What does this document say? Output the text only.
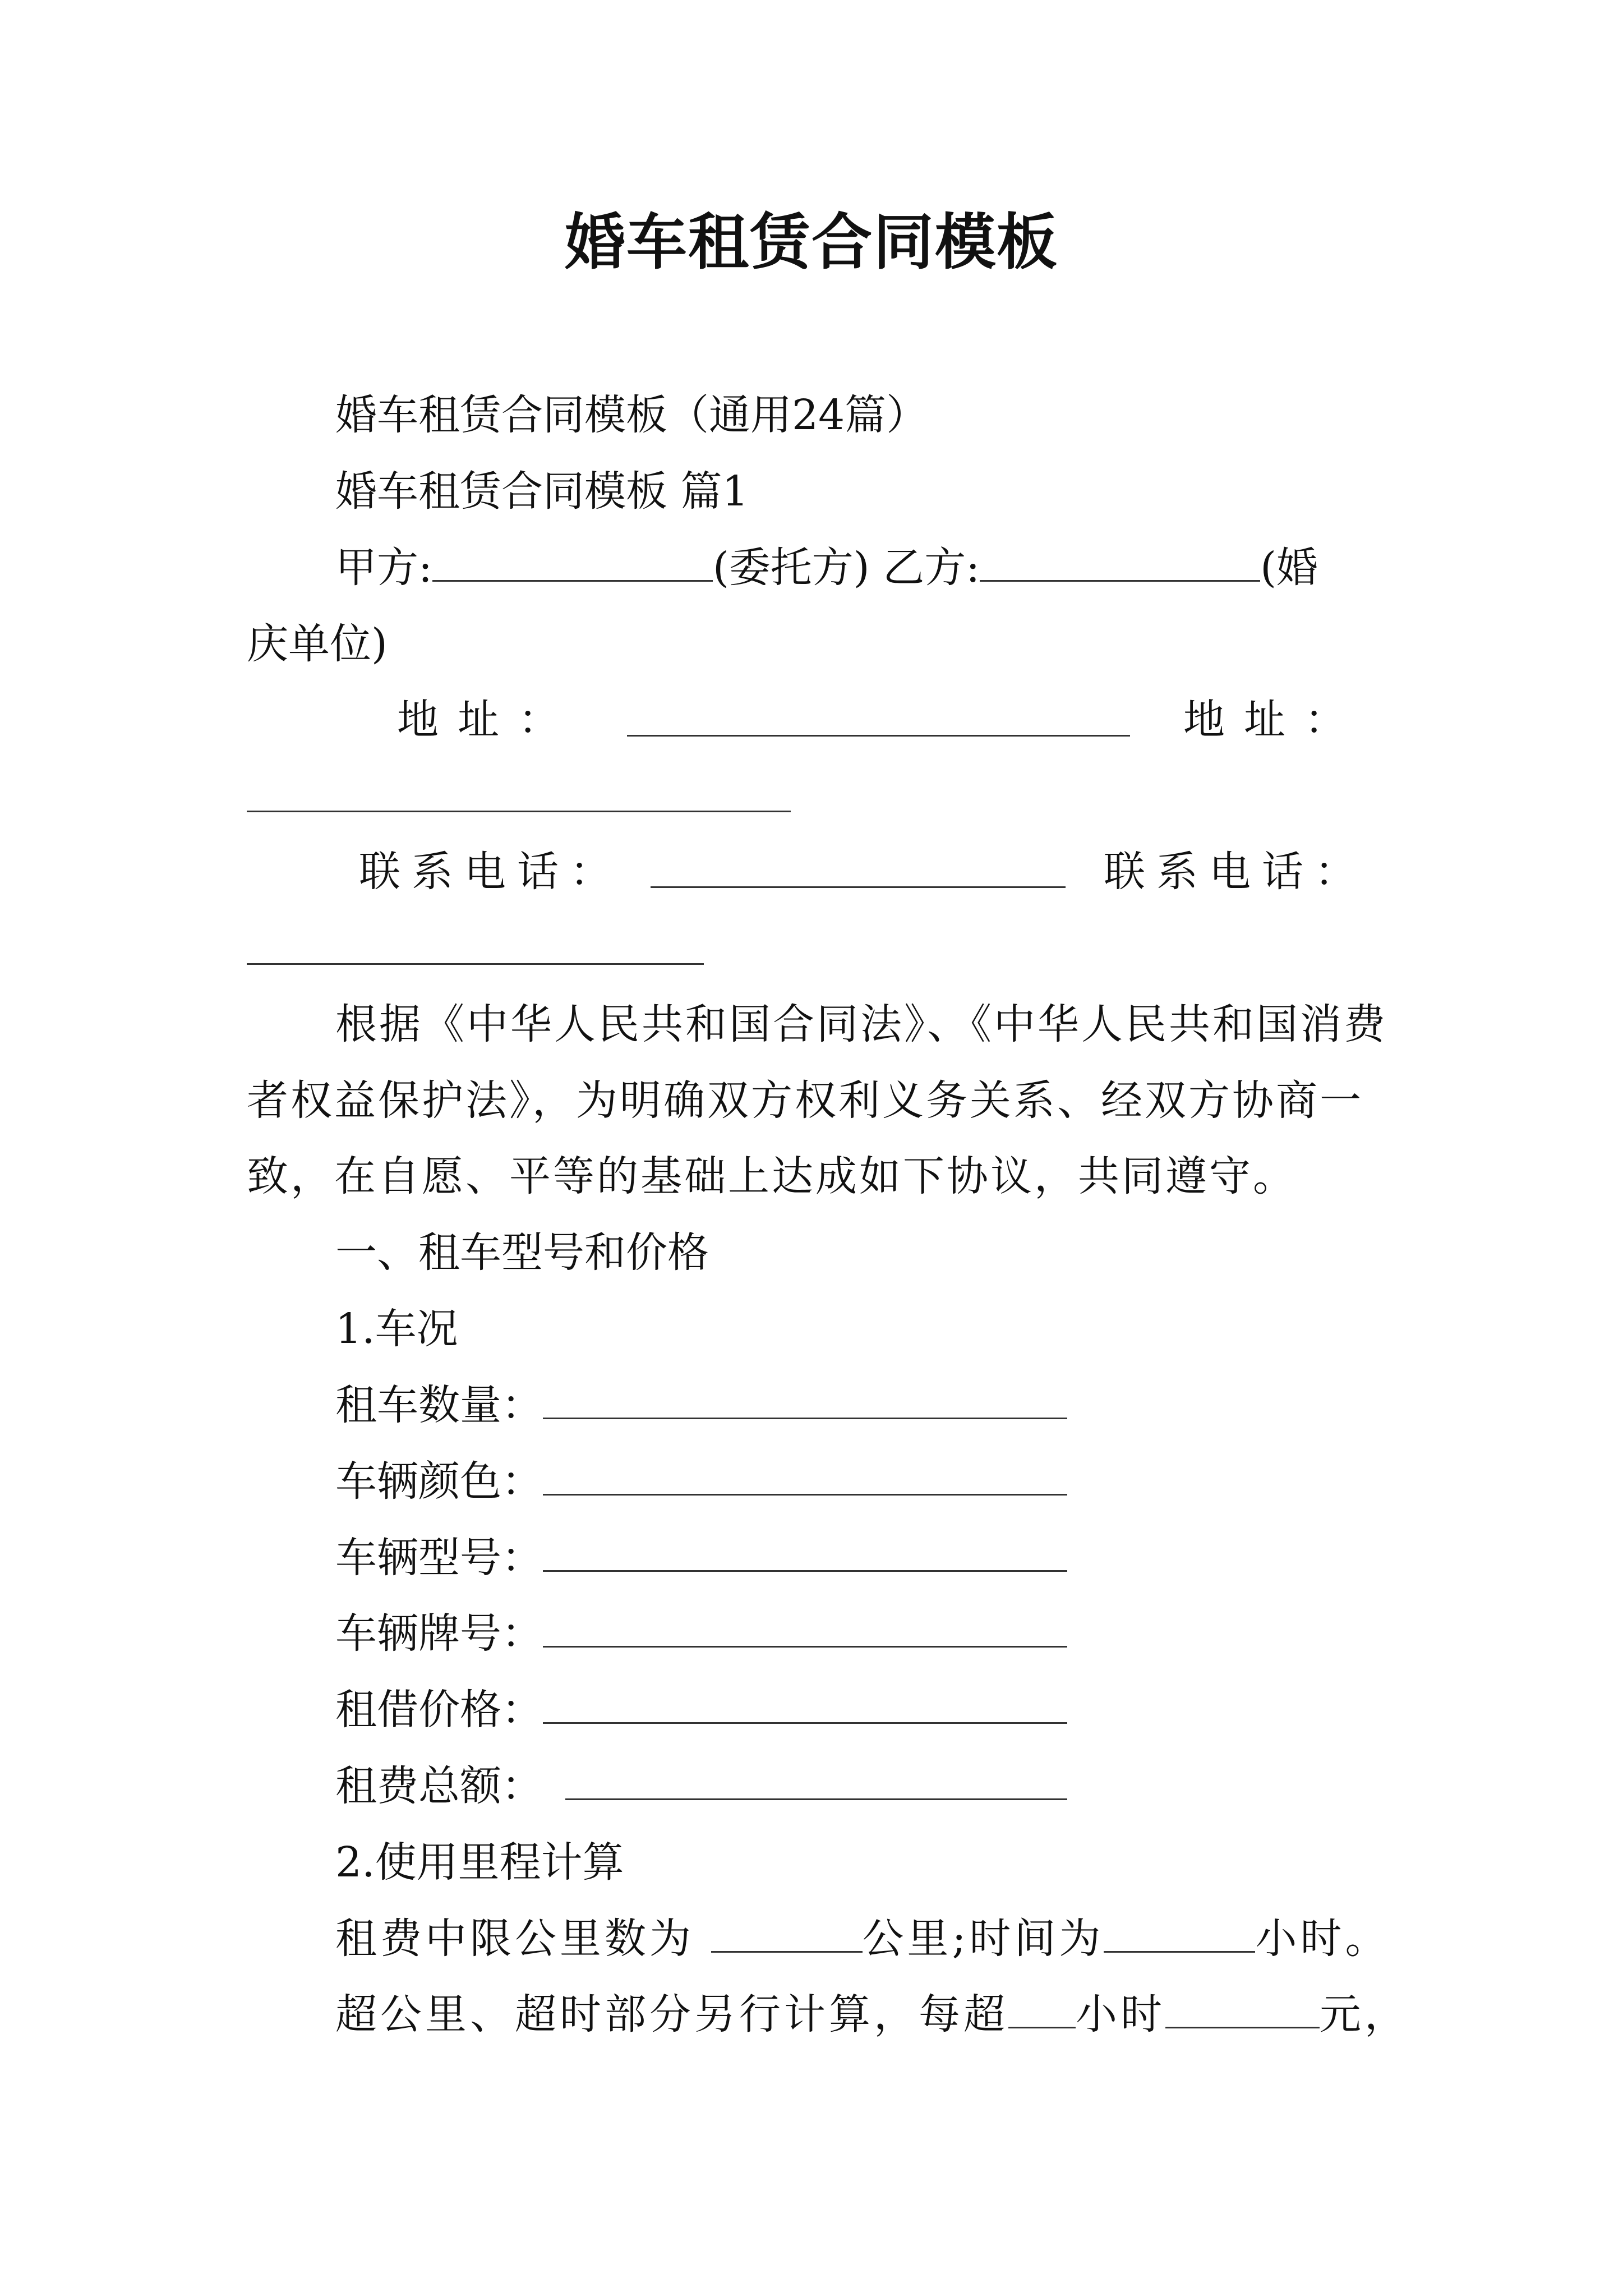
婚车租赁合同模板
婚车租赁合同模板（通用24篇）
婚车租赁合同模板 篇1
甲方:	(委托方) 乙方:	(婚
庆单位)
地址：	地址：
联系电话：	联系电话：
根据《中华人民共和国合同法》、《中华人民共和国消费
者权益保护法》，为明确双方权利义务关系、经双方协商一
致，在自愿、平等的基础上达成如下协议，共同遵守。
一、租车型号和价格
1.车况
租车数量：
车辆颜色：
车辆型号：
车辆牌号：
租借价格：
租费总额：
2.使用里程计算
租费中限公里数为	公里;时间为	小时。
超公里、超时部分另行计算，每超 小时	元，
